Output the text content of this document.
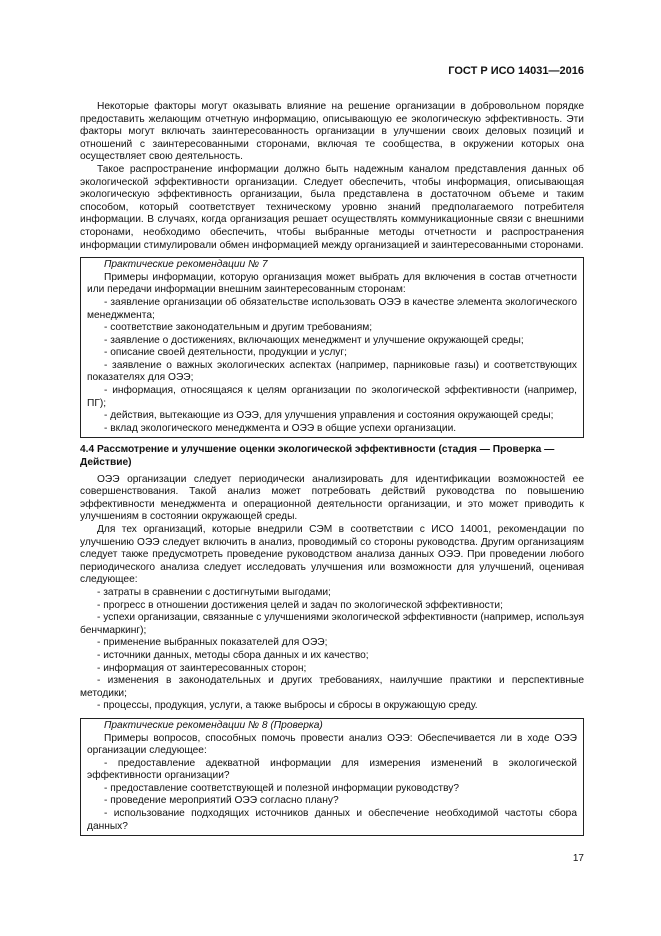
ГОСТ Р ИСО 14031—2016

Некоторые факторы могут оказывать влияние на решение организации в добровольном порядке предоставить желающим отчетную информацию, описывающую ее экологическую эффективность. Эти факторы могут включать заинтересованность организации в улучшении своих деловых позиций и отношений с заинтересованными сторонами, включая те сообщества, в окружении которых она осуществляет свою деятельность.

Такое распространение информации должно быть надежным каналом представления данных об экологической эффективности организации. Следует обеспечить, чтобы информация, описывающая экологическую эффективность организации, была представлена в достаточном объеме и таким способом, который соответствует техническому уровню знаний предполагаемого потребителя информации. В случаях, когда организация решает осуществлять коммуникационные связи с внешними сторонами, необходимо обеспечить, чтобы выбранные методы отчетности и распространения информации стимулировали обмен информацией между организацией и заинтересованными сторонами.

Практические рекомендации № 7

Примеры информации, которую организация может выбрать для включения в состав отчетности или передачи информации внешним заинтересованным сторонам:

- заявление организации об обязательстве использовать ОЭЭ в качестве элемента экологического менеджмента;

- соответствие законодательным и другим требованиям;

- заявление о достижениях, включающих менеджмент и улучшение окружающей среды;

- описание своей деятельности, продукции и услуг;

- заявление о важных экологических аспектах (например, парниковые газы) и соответствующих показателях для ОЭЭ;

- информация, относящаяся к целям организации по экологической эффективности (например, ПГ);

- действия, вытекающие из ОЭЭ, для улучшения управления и состояния окружающей среды;

- вклад экологического менеджмента и ОЭЭ в общие успехи организации.

4.4 Рассмотрение и улучшение оценки экологической эффективности (стадия — Проверка — Действие)

ОЭЭ организации следует периодически анализировать для идентификации возможностей ее совершенствования. Такой анализ может потребовать действий руководства по повышению эффективности менеджмента и операционной деятельности организации, и это может приводить к улучшениям в состоянии окружающей среды.

Для тех организаций, которые внедрили СЭМ в соответствии с ИСО 14001, рекомендации по улучшению ОЭЭ следует включить в анализ, проводимый со стороны руководства. Другим организациям следует также предусмотреть проведение руководством анализа данных ОЭЭ. При проведении любого периодического анализа следует исследовать улучшения или возможности для улучшений, оценивая следующее:

- затраты в сравнении с достигнутыми выгодами;

- прогресс в отношении достижения целей и задач по экологической эффективности;

- успехи организации, связанные с улучшениями экологической эффективности (например, используя бенчмаркинг);

- применение выбранных показателей для ОЭЭ;

- источники данных, методы сбора данных и их качество;

- информация от заинтересованных сторон;

- изменения в законодательных и других требованиях, наилучшие практики и перспективные методики;

- процессы, продукция, услуги, а также выбросы и сбросы в окружающую среду.

Практические рекомендации № 8 (Проверка)

Примеры вопросов, способных помочь провести анализ ОЭЭ: Обеспечивается ли в ходе ОЭЭ организации следующее:

- предоставление адекватной информации для измерения изменений в экологической эффективности организации?

- предоставление соответствующей и полезной информации руководству?

- проведение мероприятий ОЭЭ согласно плану?

- использование подходящих источников данных и обеспечение необходимой частоты сбора данных?

17
